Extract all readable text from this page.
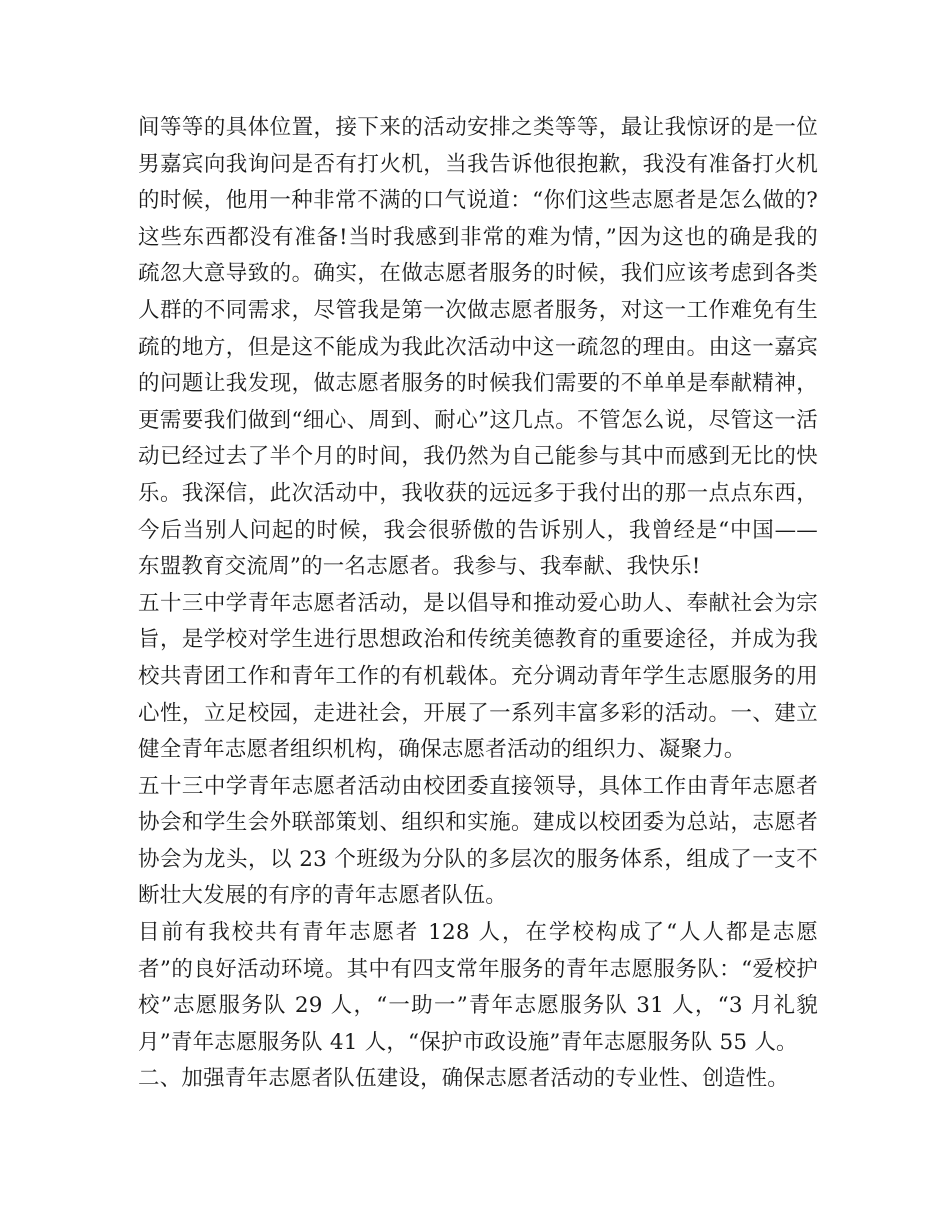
间等等的具体位置，接下来的活动安排之类等等，最让我惊讶的是一位男嘉宾向我询问是否有打火机，当我告诉他很抱歉，我没有准备打火机的时候，他用一种非常不满的口气说道：“你们这些志愿者是怎么做的?这些东西都没有准备!当时我感到非常的难为情，”因为这也的确是我的疏忽大意导致的。确实，在做志愿者服务的时候，我们应该考虑到各类人群的不同需求，尽管我是第一次做志愿者服务，对这一工作难免有生疏的地方，但是这不能成为我此次活动中这一疏忽的理由。由这一嘉宾的问题让我发现，做志愿者服务的时候我们需要的不单单是奉献精神，更需要我们做到“细心、周到、耐心”这几点。不管怎么说，尽管这一活动已经过去了半个月的时间，我仍然为自己能参与其中而感到无比的快乐。我深信，此次活动中，我收获的远远多于我付出的那一点点东西，今后当别人问起的时候，我会很骄傲的告诉别人，我曾经是“中国——东盟教育交流周”的一名志愿者。我参与、我奉献、我快乐!

五十三中学青年志愿者活动，是以倡导和推动爱心助人、奉献社会为宗旨，是学校对学生进行思想政治和传统美德教育的重要途径，并成为我校共青团工作和青年工作的有机载体。充分调动青年学生志愿服务的用心性，立足校园，走进社会，开展了一系列丰富多彩的活动。一、建立健全青年志愿者组织机构，确保志愿者活动的组织力、凝聚力。

五十三中学青年志愿者活动由校团委直接领导，具体工作由青年志愿者协会和学生会外联部策划、组织和实施。建成以校团委为总站，志愿者协会为龙头，以 23 个班级为分队的多层次的服务体系，组成了一支不断壮大发展的有序的青年志愿者队伍。

目前有我校共有青年志愿者 128 人，在学校构成了“人人都是志愿者”的良好活动环境。其中有四支常年服务的青年志愿服务队：“爱校护校”志愿服务队 29 人，“一助一”青年志愿服务队 31 人，“3 月礼貌月”青年志愿服务队 41 人，“保护市政设施”青年志愿服务队 55 人。

二、加强青年志愿者队伍建设，确保志愿者活动的专业性、创造性。
